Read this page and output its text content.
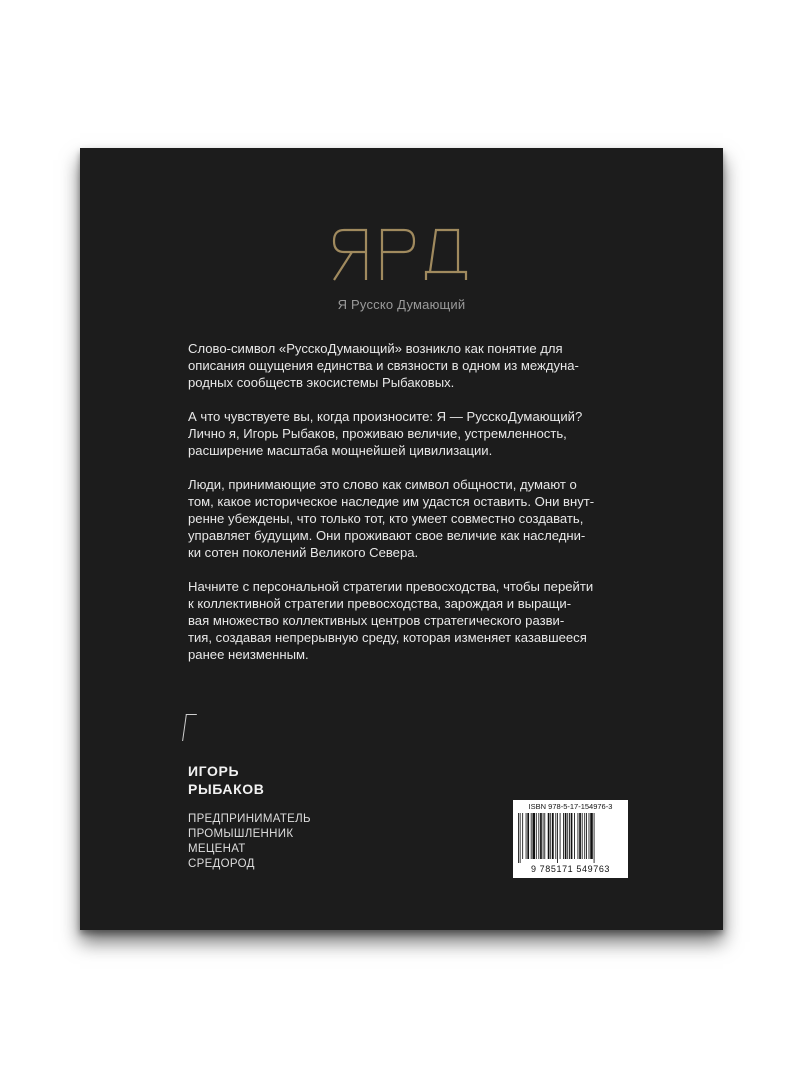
Я Русско Думающий

Слово-символ «РусскоДумающий» возникло как понятие для
описания ощущения единства и связности в одном из междуна-
родных сообществ экосистемы Рыбаковых.

А что чувствуете вы, когда произносите: Я — РусскоДумающий?
Лично я, Игорь Рыбаков, проживаю величие, устремленность,
расширение масштаба мощнейшей цивилизации.

Люди, принимающие это слово как символ общности, думают о
том, какое историческое наследие им удастся оставить. Они внут-
ренне убеждены, что только тот, кто умеет совместно создавать,
управляет будущим. Они проживают свое величие как наследни-
ки сотен поколений Великого Севера.

Начните с персональной стратегии превосходства, чтобы перейти
к коллективной стратегии превосходства, зарождая и выращи-
вая множество коллективных центров стратегического разви-
тия, создавая непрерывную среду, которая изменяет казавшееся
ранее неизменным.

ИГОРЬ
РЫБАКОВ
ПРЕДПРИНИМАТЕЛЬ
ПРОМЫШЛЕННИК
МЕЦЕНАТ
СРЕДОРОД
ISBN 978-5-17-154976-3
9 785171 549763
